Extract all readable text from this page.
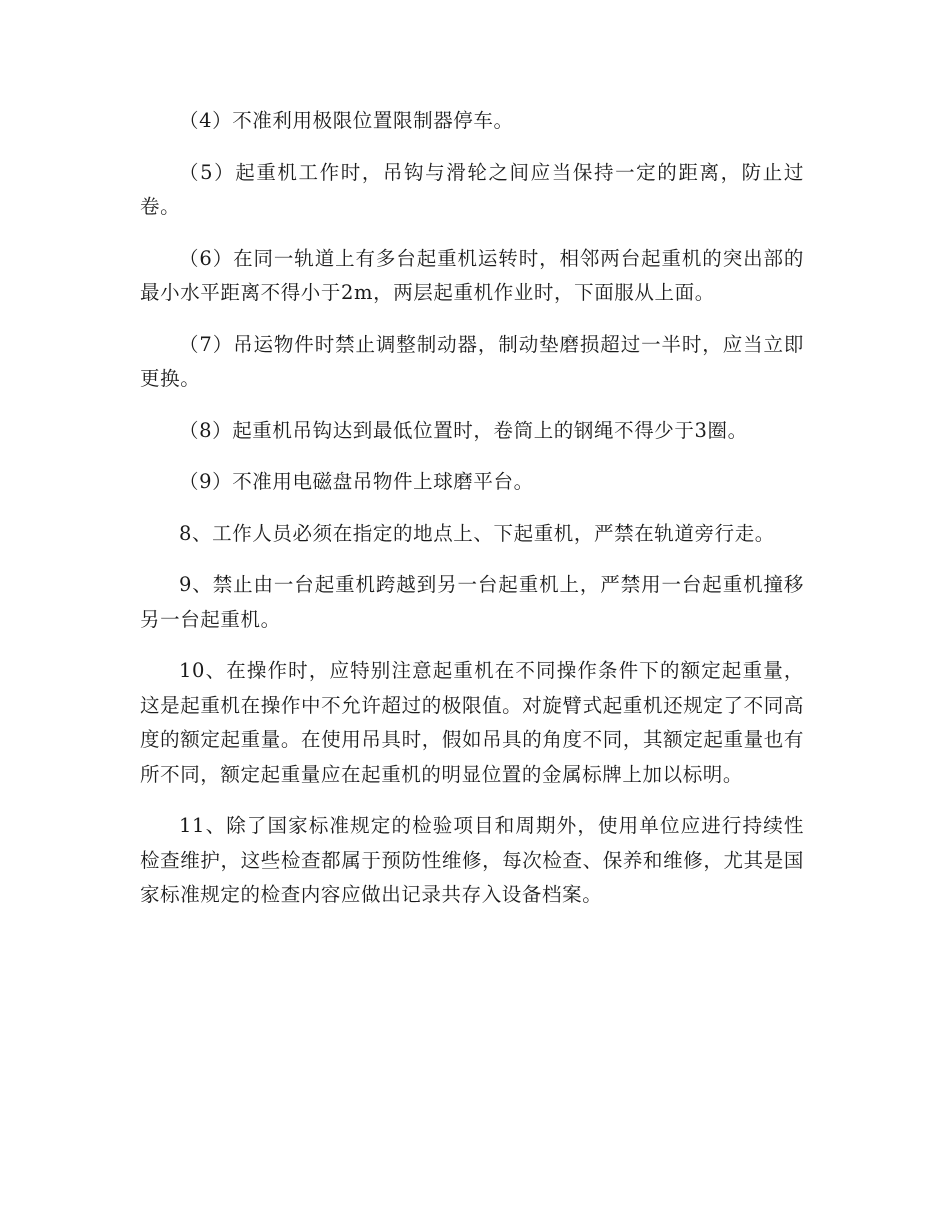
（4）不准利用极限位置限制器停车。

（5）起重机工作时，吊钩与滑轮之间应当保持一定的距离，防止过卷。

（6）在同一轨道上有多台起重机运转时，相邻两台起重机的突出部的最小水平距离不得小于2m，两层起重机作业时，下面服从上面。

（7）吊运物件时禁止调整制动器，制动垫磨损超过一半时，应当立即更换。

（8）起重机吊钩达到最低位置时，卷筒上的钢绳不得少于3圈。

（9）不准用电磁盘吊物件上球磨平台。

8、工作人员必须在指定的地点上、下起重机，严禁在轨道旁行走。

9、禁止由一台起重机跨越到另一台起重机上，严禁用一台起重机撞移另一台起重机。

10、在操作时，应特别注意起重机在不同操作条件下的额定起重量，这是起重机在操作中不允许超过的极限值。对旋臂式起重机还规定了不同高度的额定起重量。在使用吊具时，假如吊具的角度不同，其额定起重量也有所不同，额定起重量应在起重机的明显位置的金属标牌上加以标明。

11、除了国家标准规定的检验项目和周期外，使用单位应进行持续性检查维护，这些检查都属于预防性维修，每次检查、保养和维修，尤其是国家标准规定的检查内容应做出记录共存入设备档案。
